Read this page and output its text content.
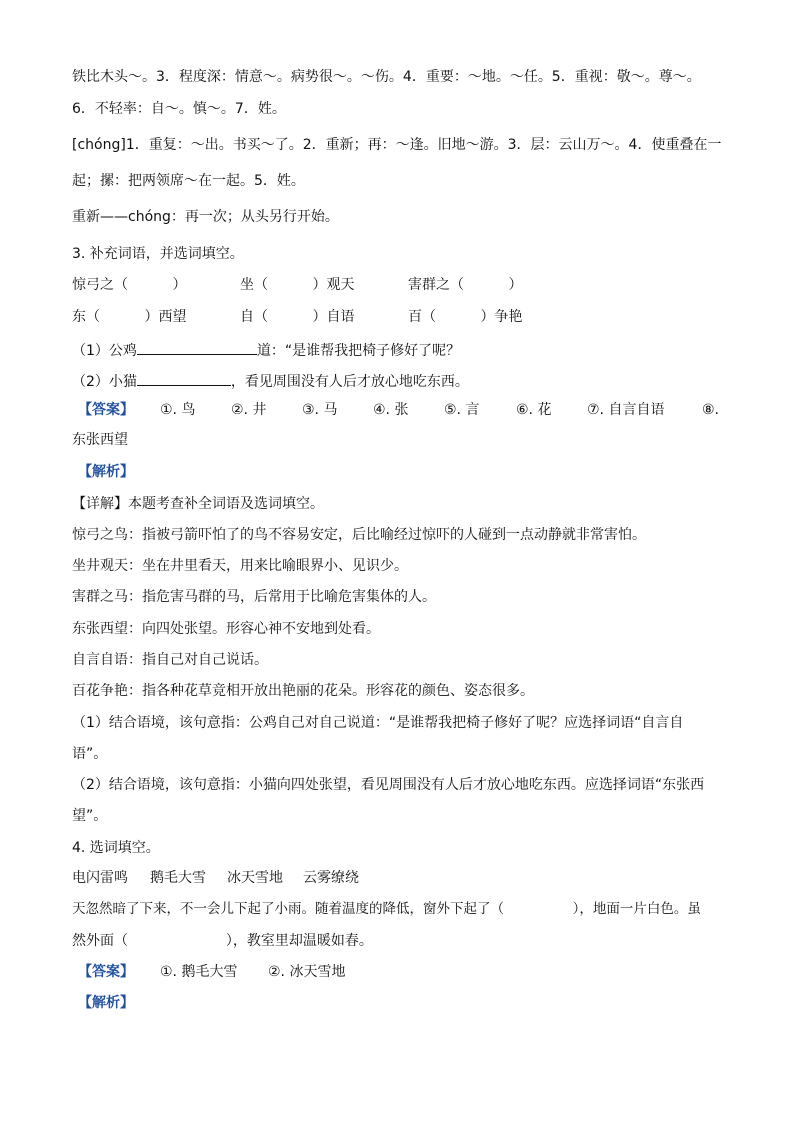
铁比木头～。3．程度深：情意～。病势很～。～伤。4．重要：～地。～任。5．重视：敬～。尊～。
6．不轻率：自～。慎～。7．姓。
[chóng]1．重复：～出。书买～了。2．重新；再：～逢。旧地～游。3．层：云山万～。4．使重叠在一
起；摞：把两领席～在一起。5．姓。
重新——chóng：再一次；从头另行开始。
3. 补充词语，并选词填空。
惊弓之（          ）	坐（          ）观天	害群之（          ）
东（          ）西望	自（          ）自语	百（          ）争艳
（1）公鸡	道：“是谁帮我把椅子修好了呢？
（2）小猫	，看见周围没有人后才放心地吃东西。
【答案】 ①. 鸟	②. 井	③. 马	④. 张	⑤. 言	⑥. 花	⑦. 自言自语	⑧.
东张西望
【解析】
【详解】本题考查补全词语及选词填空。
惊弓之鸟：指被弓箭吓怕了的鸟不容易安定，后比喻经过惊吓的人碰到一点动静就非常害怕。
坐井观天：坐在井里看天，用来比喻眼界小、见识少。
害群之马：指危害马群的马，后常用于比喻危害集体的人。
东张西望：向四处张望。形容心神不安地到处看。
自言自语：指自己对自己说话。
百花争艳：指各种花草竞相开放出艳丽的花朵。形容花的颜色、姿态很多。
（1）结合语境，该句意指：公鸡自己对自己说道：“是谁帮我把椅子修好了呢？应选择词语“自言自
语”。
（2）结合语境，该句意指：小猫向四处张望，看见周围没有人后才放心地吃东西。应选择词语“东张西
望”。
4. 选词填空。
电闪雷鸣 鹅毛大雪 冰天雪地 云雾缭绕
天忽然暗了下来，不一会儿下起了小雨。随着温度的降低，窗外下起了（                ），地面一片白色。虽
然外面（                      ），教室里却温暖如春。
【答案】 ①. 鹅毛大雪 ②. 冰天雪地
【解析】
